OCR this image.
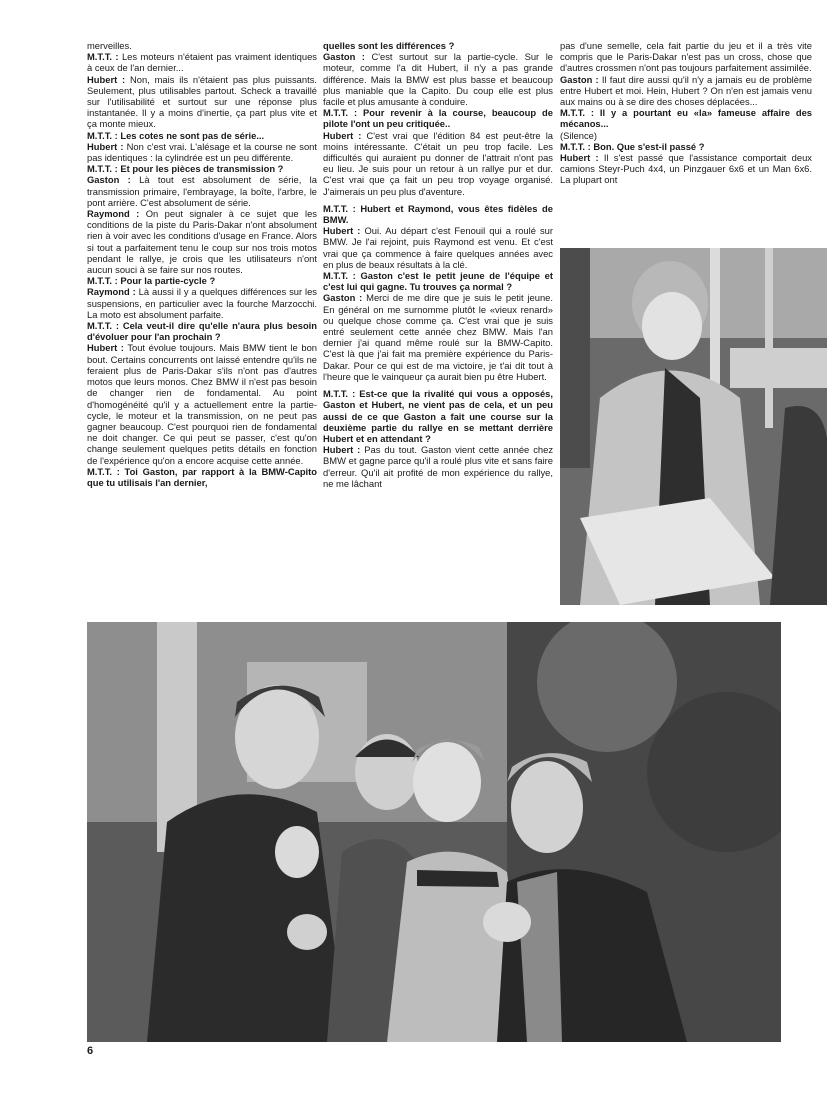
merveilles.

M.T.T. : Les moteurs n'étaient pas vraiment identiques à ceux de l'an dernier...

Hubert : Non, mais ils n'étaient pas plus puissants. Seulement, plus utilisables partout. Scheck a travaillé sur l'utilisabilité et surtout sur une réponse plus instantanée. Il y a moins d'inertie, ça part plus vite et ça monte mieux.

M.T.T. : Les cotes ne sont pas de série...

Hubert : Non c'est vrai. L'alésage et la course ne sont pas identiques : la cylindrée est un peu différente.

M.T.T. : Et pour les pièces de transmission ?

Gaston : Là tout est absolument de série, la transmission primaire, l'embrayage, la boîte, l'arbre, le pont arrière. C'est absolument de série.

Raymond : On peut signaler à ce sujet que les conditions de la piste du Paris-Dakar n'ont absolument rien à voir avec les conditions d'usage en France. Alors si tout a parfaitement tenu le coup sur nos trois motos pendant le rallye, je crois que les utilisateurs n'ont aucun souci à se faire sur nos routes.

M.T.T. : Pour la partie-cycle ?

Raymond : Là aussi il y a quelques différences sur les suspensions, en particulier avec la fourche Marzocchi. La moto est absolument parfaite.

M.T.T. : Cela veut-il dire qu'elle n'aura plus besoin d'évoluer pour l'an prochain ?

Hubert : Tout évolue toujours. Mais BMW tient le bon bout. Certains concurrents ont laissé entendre qu'ils ne feraient plus de Paris-Dakar s'ils n'ont pas d'autres motos que leurs monos. Chez BMW il n'est pas besoin de changer rien de fondamental. Au point d'homogénéité qu'il y a actuellement entre la partie-cycle, le moteur et la transmission, on ne peut pas gagner beaucoup. C'est pourquoi rien de fondamental ne doit changer. Ce qui peut se passer, c'est qu'on change seulement quelques petits détails en fonction de l'expérience qu'on a encore acquise cette année.

M.T.T. : Toi Gaston, par rapport à la BMW-Capito que tu utilisais l'an dernier,

quelles sont les différences ?

Gaston : C'est surtout sur la partie-cycle. Sur le moteur, comme l'a dit Hubert, il n'y a pas grande différence. Mais la BMW est plus basse et beaucoup plus maniable que la Capito. Du coup elle est plus facile et plus amusante à conduire.

M.T.T. : Pour revenir à la course, beaucoup de pilote l'ont un peu critiquée..

Hubert : C'est vrai que l'édition 84 est peut-être la moins intéressante. C'était un peu trop facile. Les difficultés qui auraient pu donner de l'attrait n'ont pas eu lieu. Je suis pour un retour à un rallye pur et dur. C'est vrai que ça fait un peu trop voyage organisé. J'aimerais un peu plus d'aventure.

M.T.T. : Hubert et Raymond, vous êtes fidèles de BMW.

Hubert : Oui. Au départ c'est Fenouil qui a roulé sur BMW. Je l'ai rejoint, puis Raymond est venu. Et c'est vrai que ça commence à faire quelques années avec en plus de beaux résultats à la clé.

M.T.T. : Gaston c'est le petit jeune de l'équipe et c'est lui qui gagne. Tu trouves ça normal ?

Gaston : Merci de me dire que je suis le petit jeune. En général on me surnomme plutôt le «vieux renard» ou quelque chose comme ça. C'est vrai que je suis entré seulement cette année chez BMW. Mais l'an dernier j'ai quand même roulé sur la BMW-Capito. C'est là que j'ai fait ma première expérience du Paris-Dakar. Pour ce qui est de ma victoire, je t'ai dit tout à l'heure que le vainqueur ça aurait bien pu être Hubert.

M.T.T. : Est-ce que la rivalité qui vous a opposés, Gaston et Hubert, ne vient pas de cela, et un peu aussi de ce que Gaston a fait une course sur la deuxième partie du rallye en se mettant derrière Hubert et en attendant ?

Hubert : Pas du tout. Gaston vient cette année chez BMW et gagne parce qu'il a roulé plus vite et sans faire d'erreur. Qu'il ait profité de mon expérience du rallye, ne me lâchant

pas d'une semelle, cela fait partie du jeu et il a très vite compris que le Paris-Dakar n'est pas un cross, chose que d'autres crossmen n'ont pas toujours parfaitement assimilée.

Gaston : Il faut dire aussi qu'il n'y a jamais eu de problème entre Hubert et moi. Hein, Hubert ? On n'en est jamais venu aux mains ou à se dire des choses déplacées...

M.T.T. : Il y a pourtant eu «la» fameuse affaire des mécanos...

(Silence)

M.T.T. : Bon. Que s'est-il passé ?

Hubert : Il s'est passé que l'assistance comportait deux camions Steyr-Puch 4x4, un Pinzgauer 6x6 et un Man 6x6. La plupart ont

6
